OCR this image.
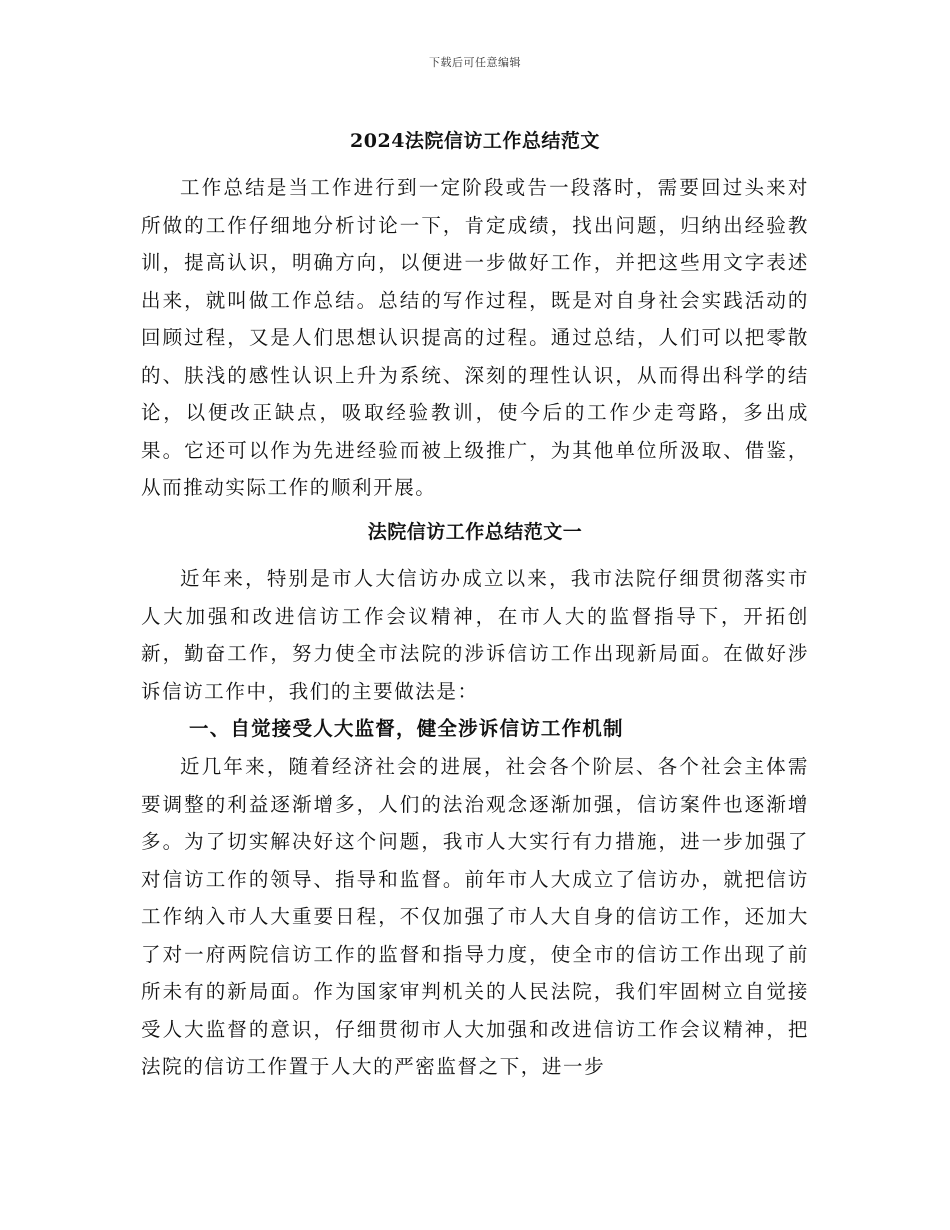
下载后可任意编辑
2024法院信访工作总结范文

工作总结是当工作进行到一定阶段或告一段落时，需要回过头来对所做的工作仔细地分析讨论一下，肯定成绩，找出问题，归纳出经验教训，提高认识，明确方向，以便进一步做好工作，并把这些用文字表述出来，就叫做工作总结。总结的写作过程，既是对自身社会实践活动的回顾过程，又是人们思想认识提高的过程。通过总结，人们可以把零散的、肤浅的感性认识上升为系统、深刻的理性认识，从而得出科学的结论，以便改正缺点，吸取经验教训，使今后的工作少走弯路，多出成果。它还可以作为先进经验而被上级推广，为其他单位所汲取、借鉴，从而推动实际工作的顺利开展。

法院信访工作总结范文一

近年来，特别是市人大信访办成立以来，我市法院仔细贯彻落实市人大加强和改进信访工作会议精神，在市人大的监督指导下，开拓创新，勤奋工作，努力使全市法院的涉诉信访工作出现新局面。在做好涉诉信访工作中，我们的主要做法是：

一、自觉接受人大监督，健全涉诉信访工作机制

近几年来，随着经济社会的进展，社会各个阶层、各个社会主体需要调整的利益逐渐增多，人们的法治观念逐渐加强，信访案件也逐渐增多。为了切实解决好这个问题，我市人大实行有力措施，进一步加强了对信访工作的领导、指导和监督。前年市人大成立了信访办，就把信访工作纳入市人大重要日程，不仅加强了市人大自身的信访工作，还加大了对一府两院信访工作的监督和指导力度，使全市的信访工作出现了前所未有的新局面。作为国家审判机关的人民法院，我们牢固树立自觉接受人大监督的意识，仔细贯彻市人大加强和改进信访工作会议精神，把法院的信访工作置于人大的严密监督之下，进一步
